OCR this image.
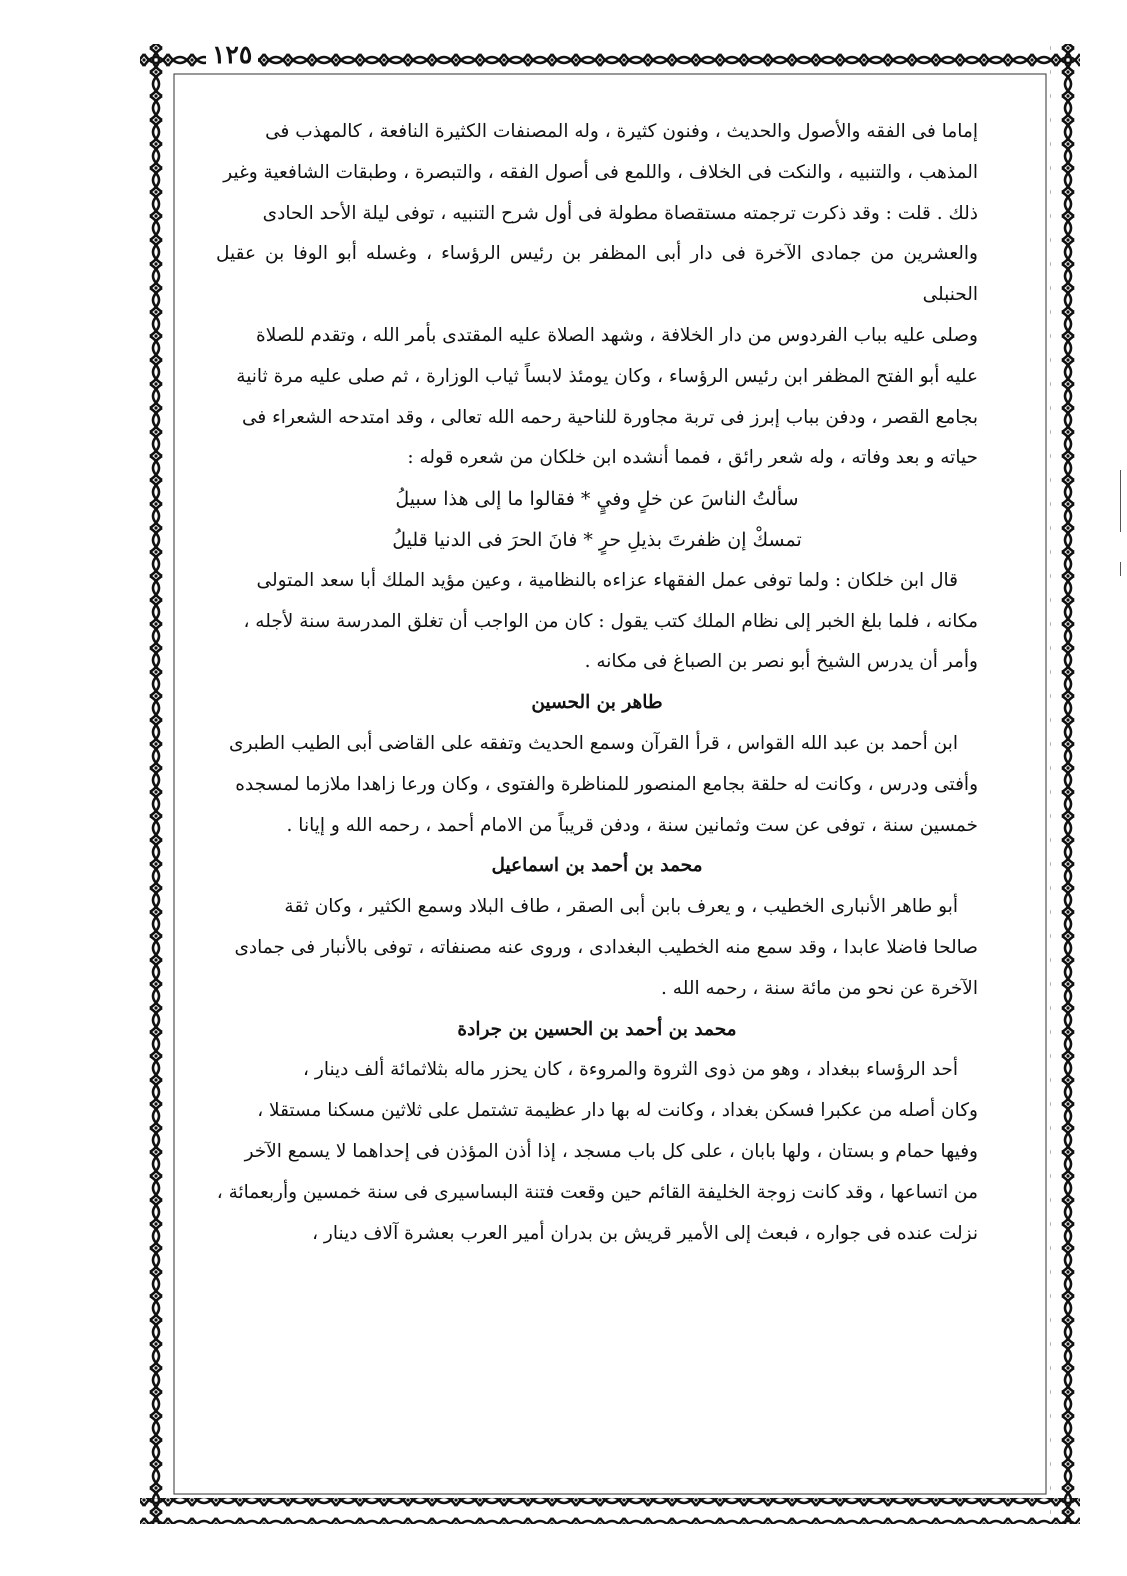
١٢٥

إماما فى الفقه والأصول والحديث ، وفنون كثيرة ، وله المصنفات الكثيرة النافعة ، كالمهذب فى

المذهب ، والتنبيه ، والنكت فى الخلاف ، واللمع فى أصول الفقه ، والتبصرة ، وطبقات الشافعية وغير

ذلك . قلت : وقد ذكرت ترجمته مستقصاة مطولة فى أول شرح التنبيه ، توفى ليلة الأحد الحادى

والعشرين من جمادى الآخرة فى دار أبى المظفر بن رئيس الرؤساء ، وغسله أبو الوفا بن عقيل الحنبلى

وصلى عليه بباب الفردوس من دار الخلافة ، وشهد الصلاة عليه المقتدى بأمر الله ، وتقدم للصلاة

عليه أبو الفتح المظفر ابن رئيس الرؤساء ، وكان يومئذ لابساً ثياب الوزارة ، ثم صلى عليه مرة ثانية

بجامع القصر ، ودفن بباب إبرز فى تربة مجاورة للناحية رحمه الله تعالى ، وقد امتدحه الشعراء فى

حياته و بعد وفاته ، وله شعر رائق ، فمما أنشده ابن خلكان من شعره قوله :

سألتُ الناسَ عن خلٍ وفيٍ * فقالوا ما إلى هذا سبيلُ

تمسكْ إن ظفرتَ بذيلِ حرٍ * فانَ الحرَ فى الدنيا قليلُ

قال ابن خلكان : ولما توفى عمل الفقهاء عزاءه بالنظامية ، وعين مؤيد الملك أبا سعد المتولى

مكانه ، فلما بلغ الخبر إلى نظام الملك كتب يقول : كان من الواجب أن تغلق المدرسة سنة لأجله ،

وأمر أن يدرس الشيخ أبو نصر بن الصباغ فى مكانه .

طاهر بن الحسين

ابن أحمد بن عبد الله القواس ، قرأ القرآن وسمع الحديث وتفقه على القاضى أبى الطيب الطبرى

وأفتى ودرس ، وكانت له حلقة بجامع المنصور للمناظرة والفتوى ، وكان ورعا زاهدا ملازما لمسجده

خمسين سنة ، توفى عن ست وثمانين سنة ، ودفن قريباً من الامام أحمد ، رحمه الله و إيانا .

محمد بن أحمد بن اسماعيل

أبو طاهر الأنبارى الخطيب ، و يعرف بابن أبى الصقر ، طاف البلاد وسمع الكثير ، وكان ثقة

صالحا فاضلا عابدا ، وقد سمع منه الخطيب البغدادى ، وروى عنه مصنفاته ، توفى بالأنبار فى جمادى

الآخرة عن نحو من مائة سنة ، رحمه الله .

محمد بن أحمد بن الحسين بن جرادة

أحد الرؤساء ببغداد ، وهو من ذوى الثروة والمروءة ، كان يحزر ماله بثلاثمائة ألف دينار ،

وكان أصله من عكبرا فسكن بغداد ، وكانت له بها دار عظيمة تشتمل على ثلاثين مسكنا مستقلا ،

وفيها حمام و بستان ، ولها بابان ، على كل باب مسجد ، إذا أذن المؤذن فى إحداهما لا يسمع الآخر

من اتساعها ، وقد كانت زوجة الخليفة القائم حين وقعت فتنة البساسيرى فى سنة خمسين وأربعمائة ،

نزلت عنده فى جواره ، فبعث إلى الأمير قريش بن بدران أمير العرب بعشرة آلاف دينار ،
